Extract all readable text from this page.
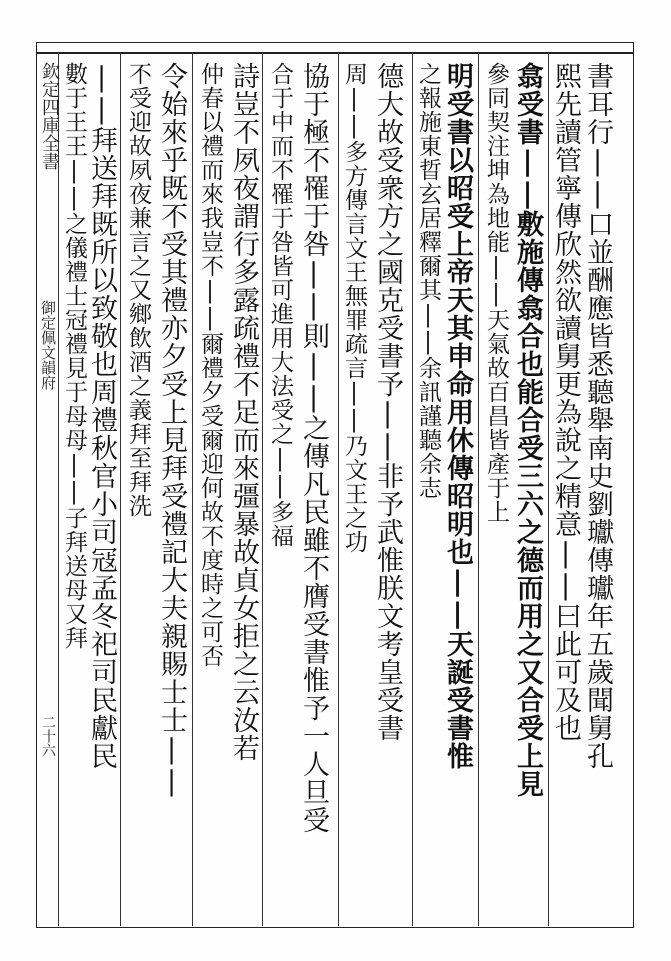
欽定四庫全書
御定佩文韻府
二十六	書耳行||口並酬應皆悉聽舉南史劉瓛傳瓛年五歲聞舅孔
熙先讀管寧傳欣然欲讀舅更為說之精意||曰此可及也
翕受書||敷施傳翕合也能合受三六之德而用之又合受上見
參同契注坤為地能||天氣故百昌皆產于上
明受書以昭受上帝天其申命用休傳昭明也||天誕受書惟
之報施東晢玄居釋爾其||余訊謹聽余志
德大故受衆方之國克受書予||非予武惟朕文考皇受書
周||多方傳言文王無罪疏言||乃文王之功
協于極不罹于咎||則||之傳凡民雖不膺受書惟予一人旦受
合于中而不罹于咎皆可進用大法受之||多福
詩豈不夙夜謂行多露疏禮不足而來彊暴故貞女拒之云汝若
仲春以禮而來我豈不||爾禮夕受爾迎何故不度時之可否
令始來乎既不受其禮亦夕受上見拜受禮記大夫親賜士士||
不受迎故夙夜兼言之又鄉飲酒之義拜至拜洗
||拜送拜既所以致敬也周禮秋官小司冦孟冬祀司民獻民
數于王王||之儀禮士冠禮見于母母||子拜送母又拜
